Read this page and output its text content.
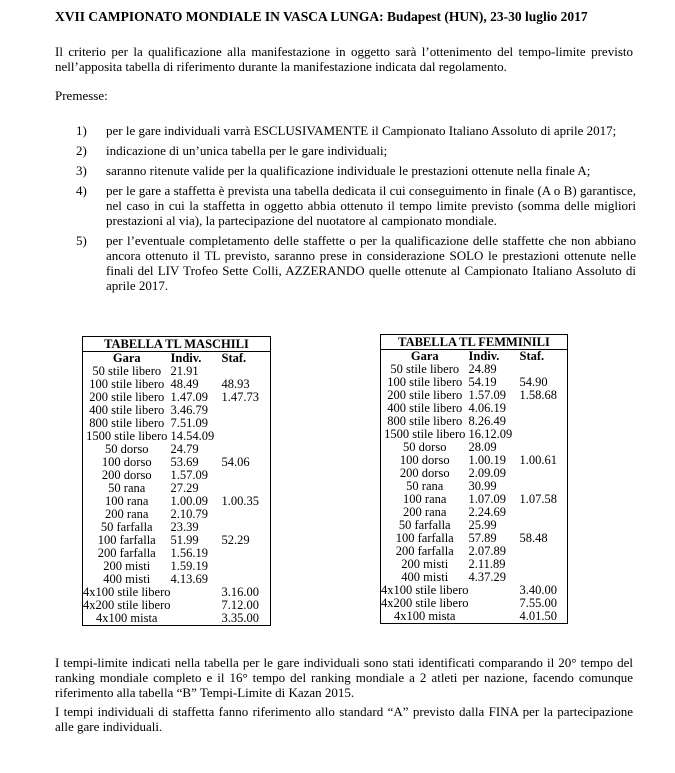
XVII CAMPIONATO MONDIALE IN VASCA LUNGA: Budapest (HUN), 23-30 luglio 2017

Il criterio per la qualificazione alla manifestazione in oggetto sarà l’ottenimento del tempo-limite previsto nell’apposita tabella di riferimento durante la manifestazione indicata dal regolamento.

Premesse:

1) per le gare individuali varrà ESCLUSIVAMENTE il Campionato Italiano Assoluto di aprile 2017;
2) indicazione di un’unica tabella per le gare individuali;
3) saranno ritenute valide per la qualificazione individuale le prestazioni ottenute nella finale A;
4) per le gare a staffetta è prevista una tabella dedicata il cui conseguimento in finale (A o B) garantisce, nel caso in cui la staffetta in oggetto abbia ottenuto il tempo limite previsto (somma delle migliori prestazioni al via), la partecipazione del nuotatore al campionato mondiale.
5) per l’eventuale completamento delle staffette o per la qualificazione delle staffette che non abbiano ancora ottenuto il TL previsto, saranno prese in considerazione SOLO le prestazioni ottenute nelle finali del LIV Trofeo Sette Colli, AZZERANDO quelle ottenute al Campionato Italiano Assoluto di aprile 2017.
TABELLA TL MASCHILI
Gara	Indiv.	Staf.
50 stile libero	21.91	
100 stile libero	48.49	48.93
200 stile libero	1.47.09	1.47.73
400 stile libero	3.46.79	
800 stile libero	7.51.09	
1500 stile libero	14.54.09	
50 dorso	24.79	
100 dorso	53.69	54.06
200 dorso	1.57.09	
50 rana	27.29	
100 rana	1.00.09	1.00.35
200 rana	2.10.79	
50 farfalla	23.39	
100 farfalla	51.99	52.29
200 farfalla	1.56.19	
200 misti	1.59.19	
400 misti	4.13.69	
4x100 stile libero		3.16.00
4x200 stile libero		7.12.00
4x100 mista		3.35.00
TABELLA TL FEMMINILI
Gara	Indiv.	Staf.
50 stile libero	24.89	
100 stile libero	54.19	54.90
200 stile libero	1.57.09	1.58.68
400 stile libero	4.06.19	
800 stile libero	8.26.49	
1500 stile libero	16.12.09	
50 dorso	28.09	
100 dorso	1.00.19	1.00.61
200 dorso	2.09.09	
50 rana	30.99	
100 rana	1.07.09	1.07.58
200 rana	2.24.69	
50 farfalla	25.99	
100 farfalla	57.89	58.48
200 farfalla	2.07.89	
200 misti	2.11.89	
400 misti	4.37.29	
4x100 stile libero		3.40.00
4x200 stile libero		7.55.00
4x100 mista		4.01.50

I tempi-limite indicati nella tabella per le gare individuali sono stati identificati comparando il 20° tempo del ranking mondiale completo e il 16° tempo del ranking mondiale a 2 atleti per nazione, facendo comunque riferimento alla tabella “B” Tempi-Limite di Kazan 2015.

I tempi individuali di staffetta fanno riferimento allo standard “A” previsto dalla FINA per la partecipazione alle gare individuali.
